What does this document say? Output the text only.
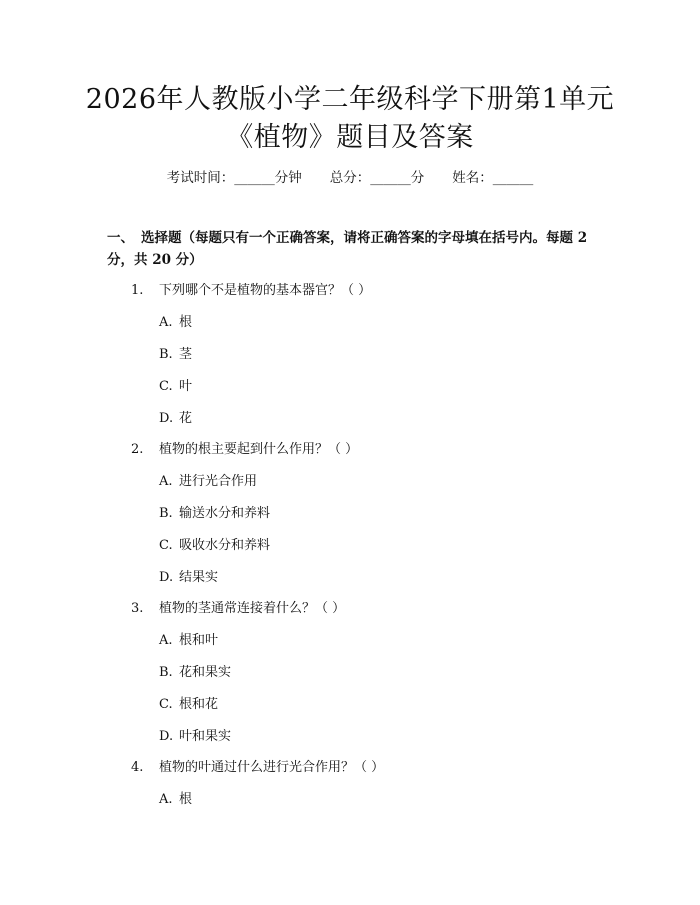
2026年人教版小学二年级科学下册第1单元
《植物》题目及答案
考试时间：______分钟 总分：______分 姓名：______
一、 选择题（每题只有一个正确答案，请将正确答案的字母填在括号内。每题 2 分，共 20 分）
1. 下列哪个不是植物的基本器官？（ ）
A. 根
B. 茎
C. 叶
D. 花
2. 植物的根主要起到什么作用？（ ）
A. 进行光合作用
B. 输送水分和养料
C. 吸收水分和养料
D. 结果实
3. 植物的茎通常连接着什么？（ ）
A. 根和叶
B. 花和果实
C. 根和花
D. 叶和果实
4. 植物的叶通过什么进行光合作用？（ ）
A. 根
